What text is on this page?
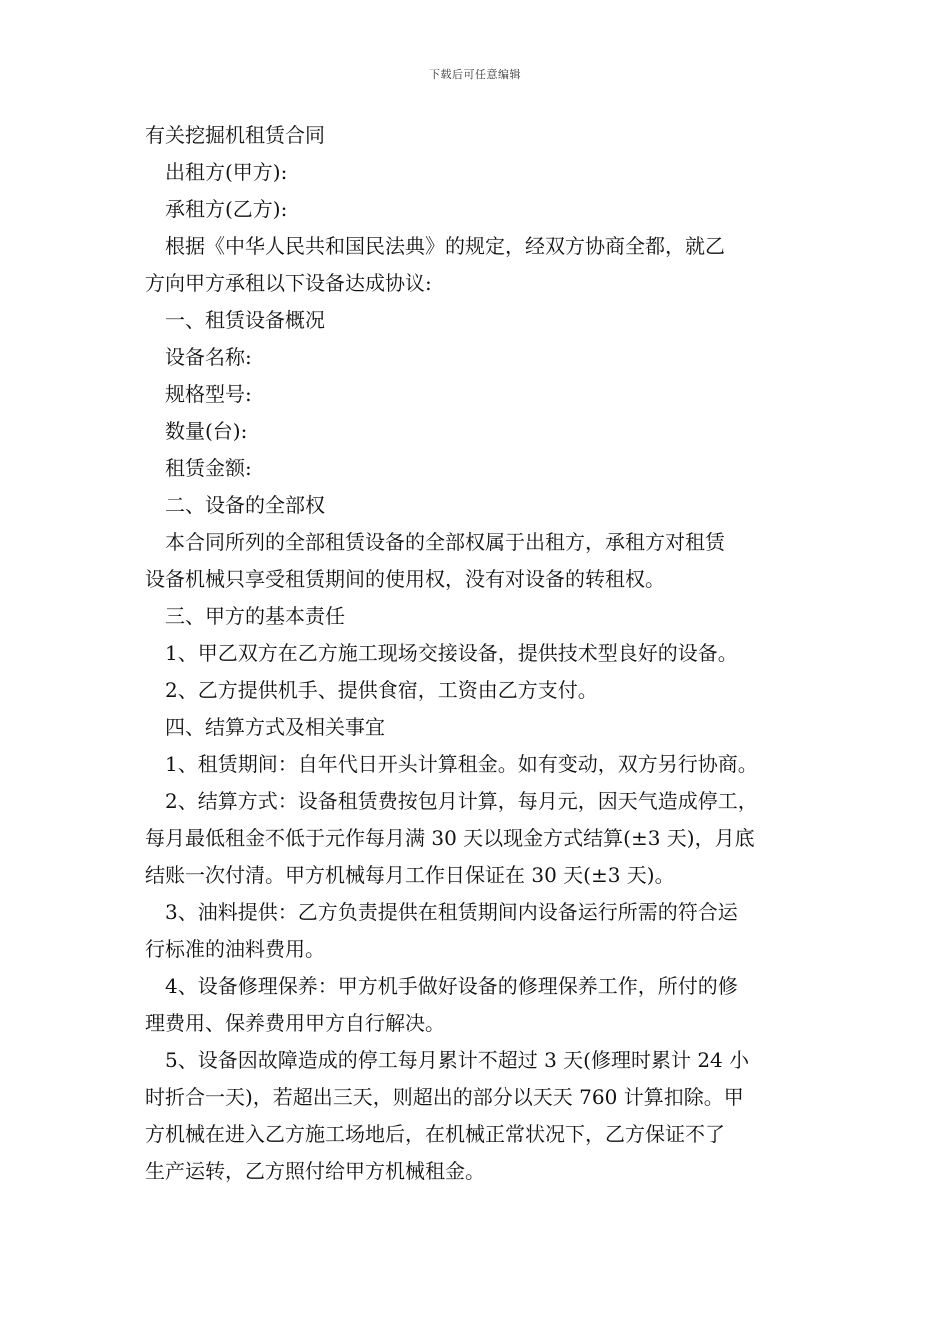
下载后可任意编辑
有关挖掘机租赁合同
出租方(甲方):
承租方(乙方):
根据《中华人民共和国民法典》的规定，经双方协商全都，就乙
方向甲方承租以下设备达成协议:
一、租赁设备概况
设备名称:
规格型号:
数量(台):
租赁金额:
二、设备的全部权
本合同所列的全部租赁设备的全部权属于出租方，承租方对租赁
设备机械只享受租赁期间的使用权，没有对设备的转租权。
三、甲方的基本责任
1、甲乙双方在乙方施工现场交接设备，提供技术型良好的设备。
2、乙方提供机手、提供食宿，工资由乙方支付。
四、结算方式及相关事宜
1、租赁期间：自年代日开头计算租金。如有变动，双方另行协商。
2、结算方式：设备租赁费按包月计算，每月元，因天气造成停工，
每月最低租金不低于元作每月满 30 天以现金方式结算(±3 天)，月底
结账一次付清。甲方机械每月工作日保证在 30 天(±3 天)。
3、油料提供：乙方负责提供在租赁期间内设备运行所需的符合运
行标准的油料费用。
4、设备修理保养：甲方机手做好设备的修理保养工作，所付的修
理费用、保养费用甲方自行解决。
5、设备因故障造成的停工每月累计不超过 3 天(修理时累计 24 小
时折合一天)，若超出三天，则超出的部分以天天 760 计算扣除。甲
方机械在进入乙方施工场地后，在机械正常状况下，乙方保证不了
生产运转，乙方照付给甲方机械租金。
